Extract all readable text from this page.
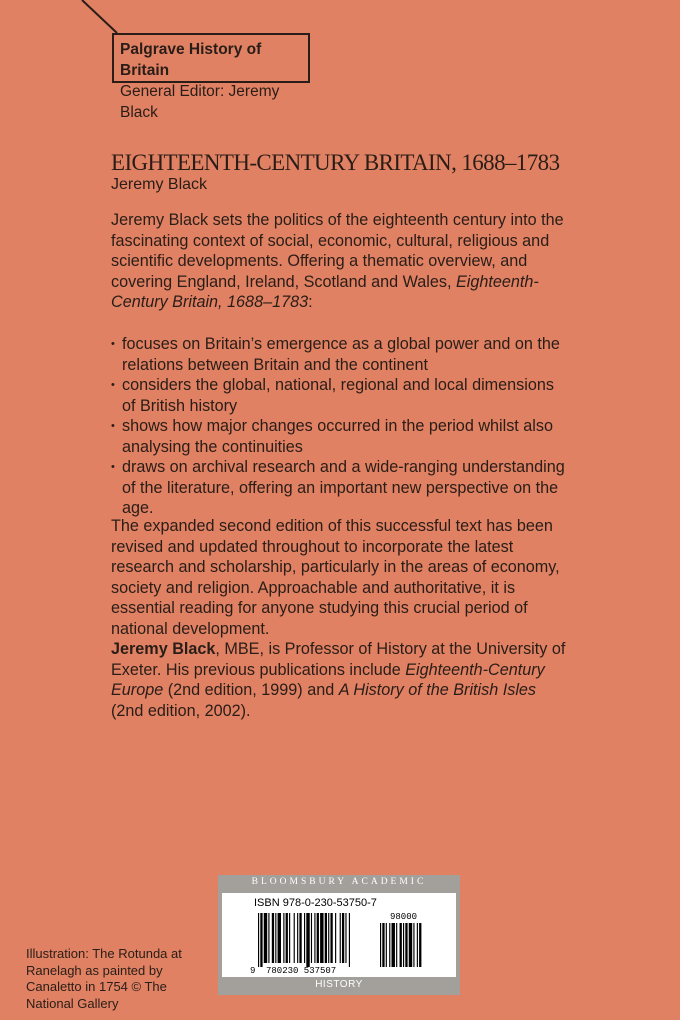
Palgrave History of Britain
General Editor: Jeremy Black
EIGHTEENTH-CENTURY BRITAIN, 1688–1783
Jeremy Black

Jeremy Black sets the politics of the eighteenth century into the fascinating context of social, economic, cultural, religious and scientific developments. Offering a thematic overview, and covering England, Ireland, Scotland and Wales, Eighteenth-Century Britain, 1688–1783:

• focuses on Britain’s emergence as a global power and on the relations between Britain and the continent
• considers the global, national, regional and local dimensions of British history
• shows how major changes occurred in the period whilst also analysing the continuities
• draws on archival research and a wide-ranging understanding of the literature, offering an important new perspective on the age.

The expanded second edition of this successful text has been revised and updated throughout to incorporate the latest research and scholarship, particularly in the areas of economy, society and religion. Approachable and authoritative, it is essential reading for anyone studying this crucial period of national development.

Jeremy Black, MBE, is Professor of History at the University of Exeter. His previous publications include Eighteenth-Century Europe (2nd edition, 1999) and A History of the British Isles (2nd edition, 2002).

Illustration: The Rotunda at Ranelagh as painted by Canaletto in 1754 © The National Gallery
BLOOMSBURY ACADEMIC
ISBN 978-0-230-53750-7
9 780230 537507
98000
HISTORY
